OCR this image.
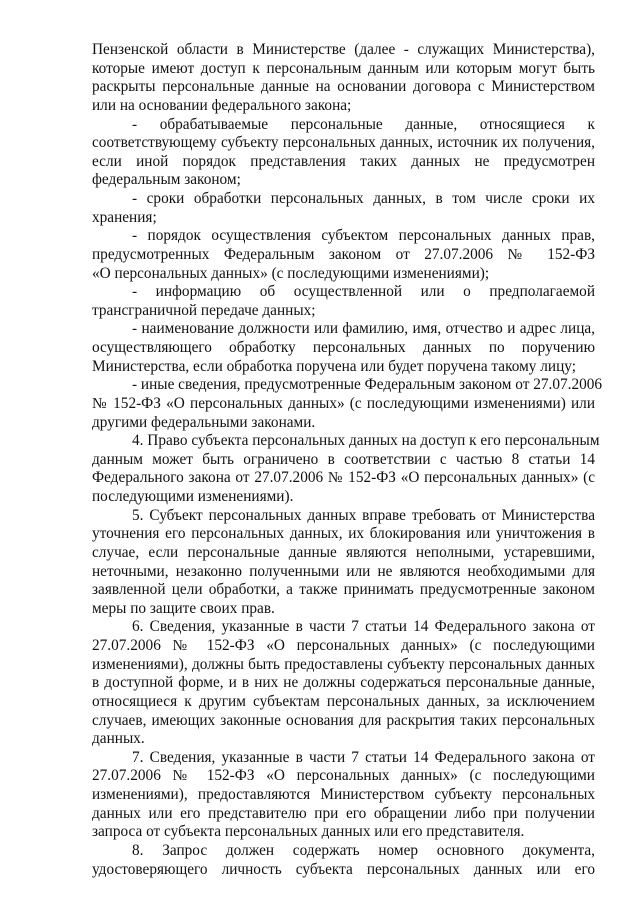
Пензенской области в Министерстве (далее - служащих Министерства),
которые имеют доступ к персональным данным или которым могут быть
раскрыты персональные данные на основании договора с Министерством
или на основании федерального закона;

- обрабатываемые персональные данные, относящиеся к
соответствующему субъекту персональных данных, источник их получения,
если иной порядок представления таких данных не предусмотрен
федеральным законом;

- сроки обработки персональных данных, в том числе сроки их
хранения;

- порядок осуществления субъектом персональных данных прав,
предусмотренных Федеральным законом от 27.07.2006 № 152-ФЗ
«О персональных данных» (с последующими изменениями);

- информацию об осуществленной или о предполагаемой
трансграничной передаче данных;

- наименование должности или фамилию, имя, отчество и адрес лица,
осуществляющего обработку персональных данных по поручению
Министерства, если обработка поручена или будет поручена такому лицу;

- иные сведения, предусмотренные Федеральным законом от 27.07.2006
№ 152-ФЗ «О персональных данных» (с последующими изменениями) или
другими федеральными законами.

4. Право субъекта персональных данных на доступ к его персональным
данным может быть ограничено в соответствии с частью 8 статьи 14
Федерального закона от 27.07.2006 № 152-ФЗ «О персональных данных» (с
последующими изменениями).

5. Субъект персональных данных вправе требовать от Министерства
уточнения его персональных данных, их блокирования или уничтожения в
случае, если персональные данные являются неполными, устаревшими,
неточными, незаконно полученными или не являются необходимыми для
заявленной цели обработки, а также принимать предусмотренные законом
меры по защите своих прав.

6. Сведения, указанные в части 7 статьи 14 Федерального закона от
27.07.2006 № 152-ФЗ «О персональных данных» (с последующими
изменениями), должны быть предоставлены субъекту персональных данных
в доступной форме, и в них не должны содержаться персональные данные,
относящиеся к другим субъектам персональных данных, за исключением
случаев, имеющих законные основания для раскрытия таких персональных
данных.

7. Сведения, указанные в части 7 статьи 14 Федерального закона от
27.07.2006 № 152-ФЗ «О персональных данных» (с последующими
изменениями), предоставляются Министерством субъекту персональных
данных или его представителю при его обращении либо при получении
запроса от субъекта персональных данных или его представителя.

8. Запрос должен содержать номер основного документа,
удостоверяющего личность субъекта персональных данных или его
